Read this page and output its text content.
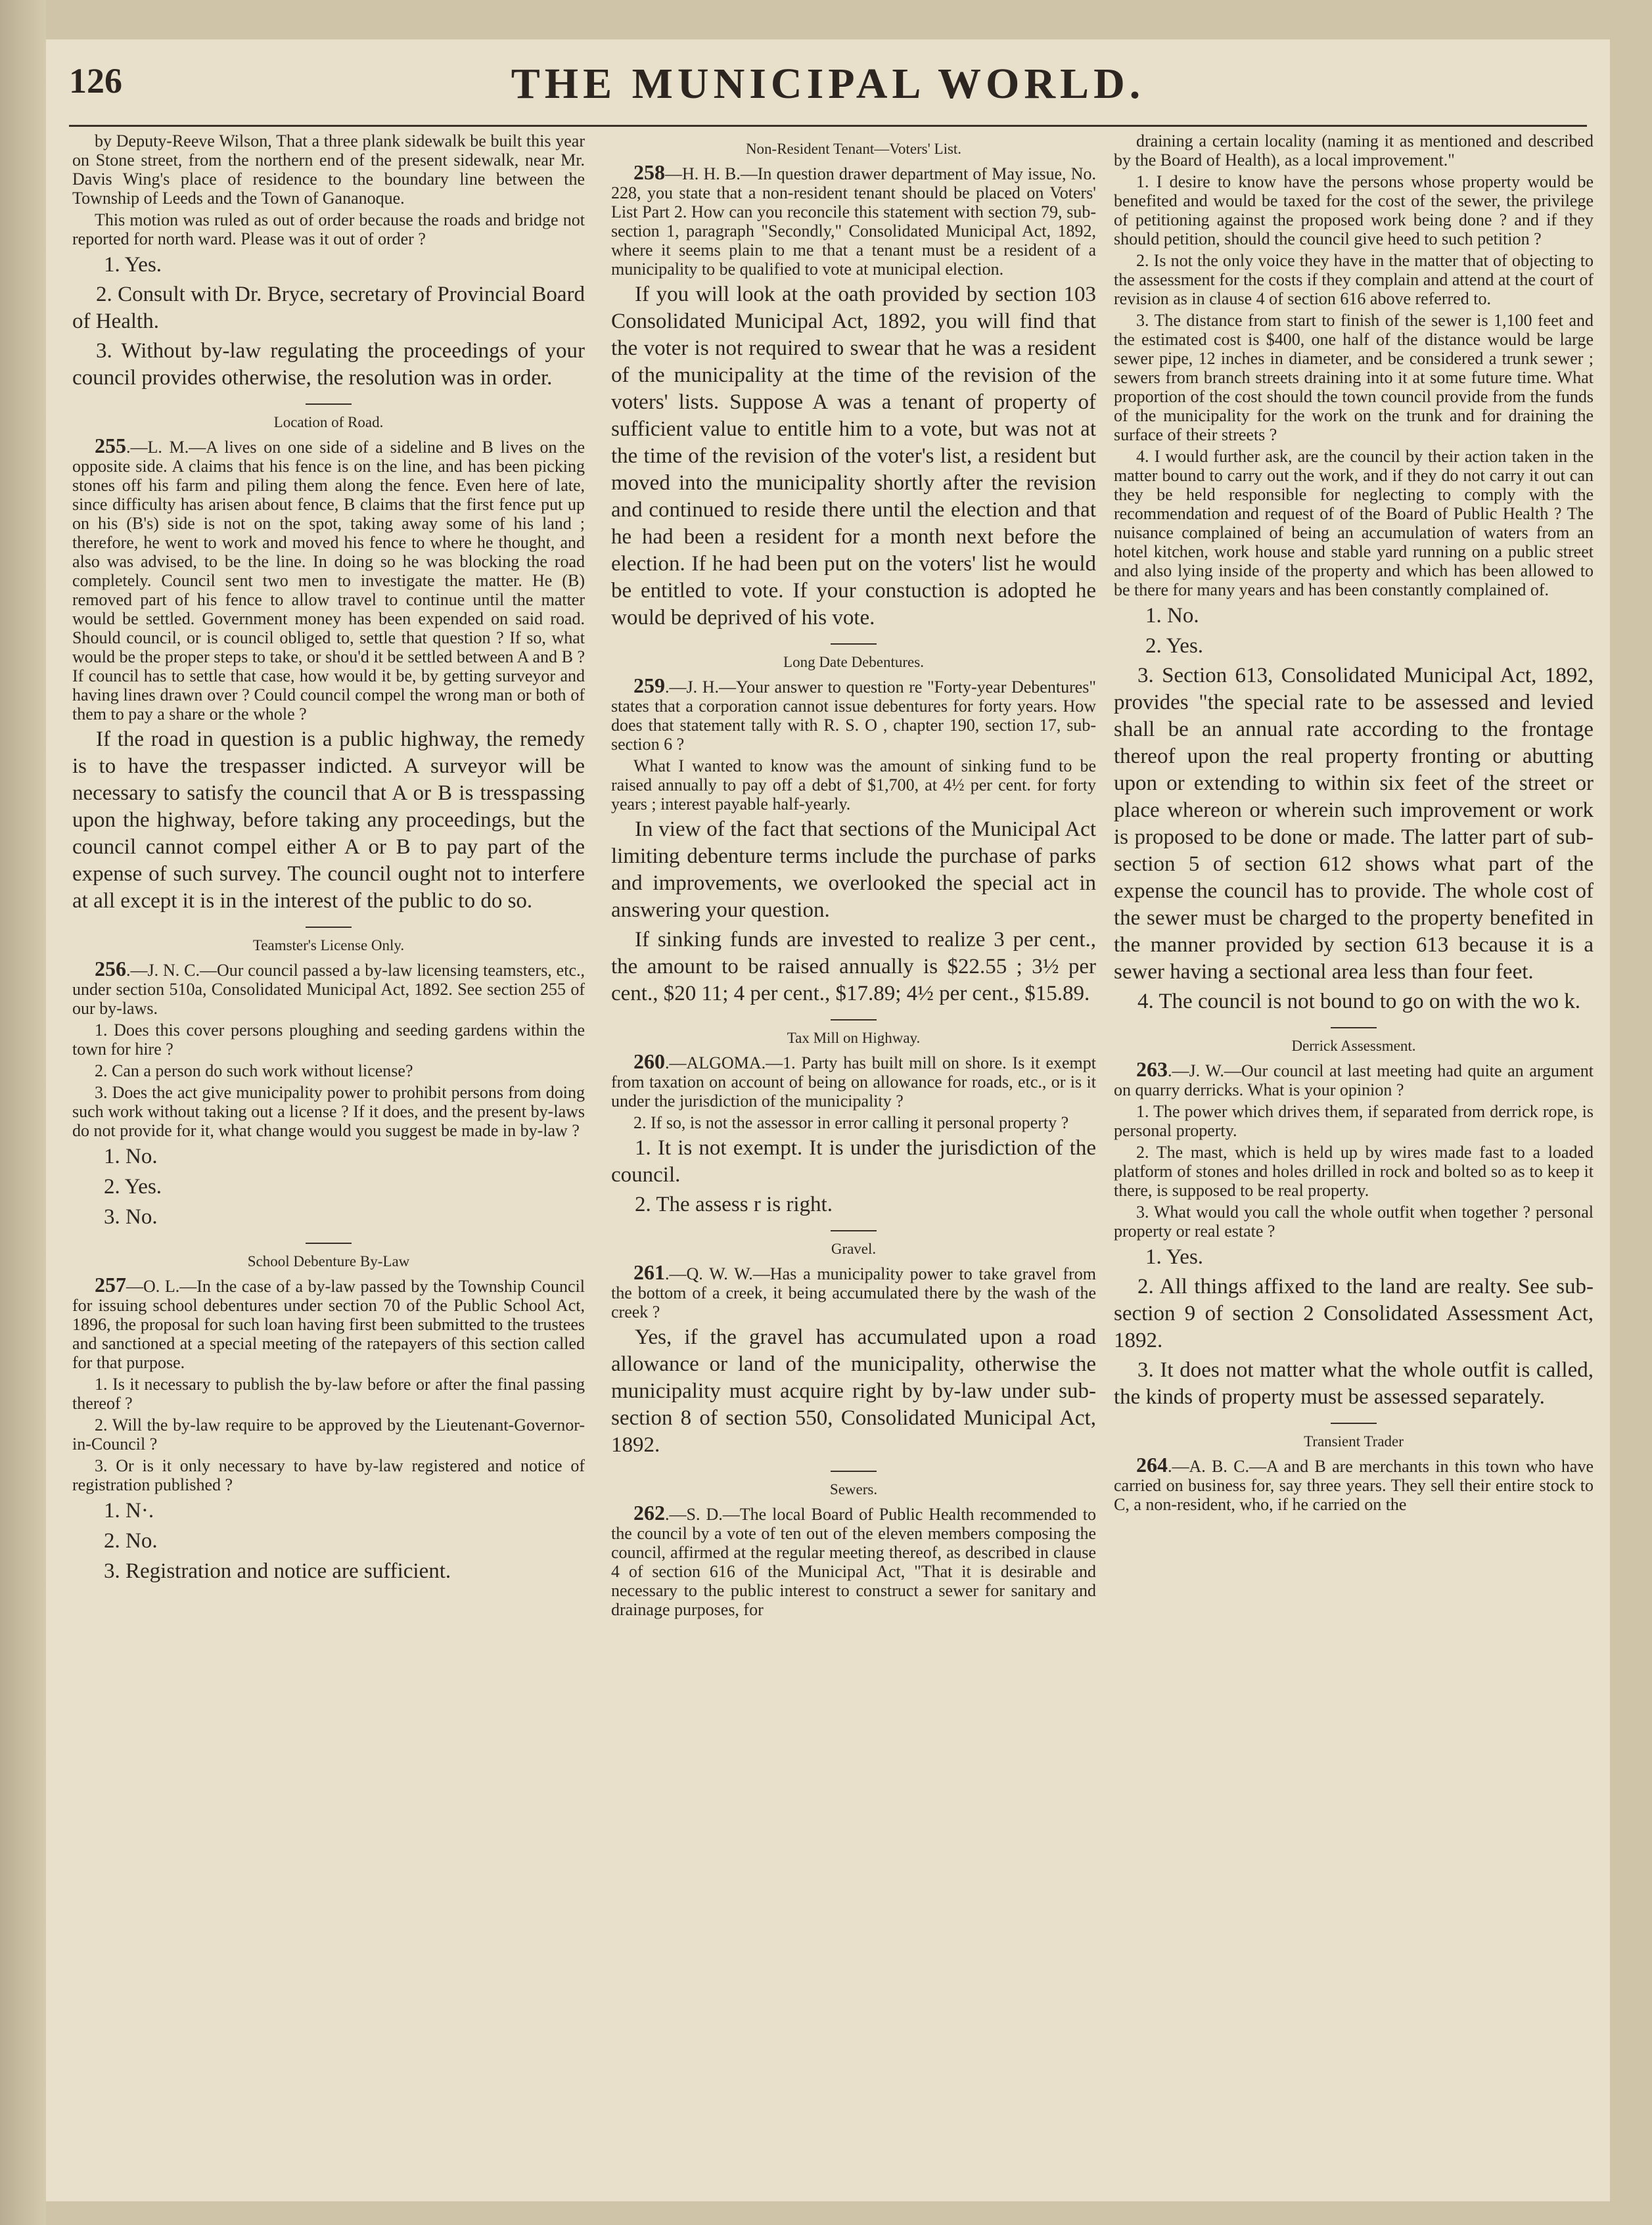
126	THE MUNICIPAL WORLD.

by Deputy-Reeve Wilson, That a three plank sidewalk be built this year on Stone street, from the northern end of the present sidewalk, near Mr. Davis Wing's place of residence to the boundary line between the Township of Leeds and the Town of Gananoque.

This motion was ruled as out of order because the roads and bridge not reported for north ward. Please was it out of order ?

1. Yes.

2. Consult with Dr. Bryce, secretary of Provincial Board of Health.

3. Without by-law regulating the proceedings of your council provides otherwise, the resolution was in order.

Location of Road.

255.—L. M.—A lives on one side of a sideline and B lives on the opposite side. A claims that his fence is on the line, and has been picking stones off his farm and piling them along the fence. Even here of late, since difficulty has arisen about fence, B claims that the first fence put up on his (B's) side is not on the spot, taking away some of his land ; therefore, he went to work and moved his fence to where he thought, and also was advised, to be the line. In doing so he was blocking the road completely. Council sent two men to investigate the matter. He (B) removed part of his fence to allow travel to continue until the matter would be settled. Government money has been expended on said road. Should council, or is council obliged to, settle that question ? If so, what would be the proper steps to take, or shou'd it be settled between A and B ? If council has to settle that case, how would it be, by getting surveyor and having lines drawn over ? Could council compel the wrong man or both of them to pay a share or the whole ?

If the road in question is a public highway, the remedy is to have the trespasser indicted. A surveyor will be necessary to satisfy the council that A or B is tresspassing upon the highway, before taking any proceedings, but the council cannot compel either A or B to pay part of the expense of such survey. The council ought not to interfere at all except it is in the interest of the public to do so.

Teamster's License Only.

256.—J. N. C.—Our council passed a by-law licensing teamsters, etc., under section 510a, Consolidated Municipal Act, 1892. See section 255 of our by-laws.

1. Does this cover persons ploughing and seeding gardens within the town for hire ?

2. Can a person do such work without license?

3. Does the act give municipality power to prohibit persons from doing such work without taking out a license ? If it does, and the present by-laws do not provide for it, what change would you suggest be made in by-law ?

1. No.

2. Yes.

3. No.

School Debenture By-Law

257—O. L.—In the case of a by-law passed by the Township Council for issuing school debentures under section 70 of the Public School Act, 1896, the proposal for such loan having first been submitted to the trustees and sanctioned at a special meeting of the ratepayers of this section called for that purpose.

1. Is it necessary to publish the by-law before or after the final passing thereof ?

2. Will the by-law require to be approved by the Lieutenant-Governor-in-Council ?

3. Or is it only necessary to have by-law registered and notice of registration published ?

1. N·.

2. No.

3. Registration and notice are sufficient.

Non-Resident Tenant—Voters' List.

258—H. H. B.—In question drawer department of May issue, No. 228, you state that a non-resident tenant should be placed on Voters' List Part 2. How can you reconcile this statement with section 79, sub-section 1, paragraph "Secondly," Consolidated Municipal Act, 1892, where it seems plain to me that a tenant must be a resident of a municipality to be qualified to vote at municipal election.

If you will look at the oath provided by section 103 Consolidated Municipal Act, 1892, you will find that the voter is not required to swear that he was a resident of the municipality at the time of the revision of the voters' lists. Suppose A was a tenant of property of sufficient value to entitle him to a vote, but was not at the time of the revision of the voter's list, a resident but moved into the municipality shortly after the revision and continued to reside there until the election and that he had been a resident for a month next before the election. If he had been put on the voters' list he would be entitled to vote. If your constuction is adopted he would be deprived of his vote.

Long Date Debentures.

259.—J. H.—Your answer to question re "Forty-year Debentures" states that a corporation cannot issue debentures for forty years. How does that statement tally with R. S. O , chapter 190, section 17, sub-section 6 ?

What I wanted to know was the amount of sinking fund to be raised annually to pay off a debt of $1,700, at 4½ per cent. for forty years ; interest payable half-yearly.

In view of the fact that sections of the Municipal Act limiting debenture terms include the purchase of parks and improvements, we overlooked the special act in answering your question.

If sinking funds are invested to realize 3 per cent., the amount to be raised annually is $22.55 ; 3½ per cent., $20 11; 4 per cent., $17.89; 4½ per cent., $15.89.

Tax Mill on Highway.

260.—ALGOMA.—1. Party has built mill on shore. Is it exempt from taxation on account of being on allowance for roads, etc., or is it under the jurisdiction of the municipality ?

2. If so, is not the assessor in error calling it personal property ?

1. It is not exempt. It is under the jurisdiction of the council.

2. The assess r is right.

Gravel.

261.—Q. W. W.—Has a municipality power to take gravel from the bottom of a creek, it being accumulated there by the wash of the creek ?

Yes, if the gravel has accumulated upon a road allowance or land of the municipality, otherwise the municipality must acquire right by by-law under sub-section 8 of section 550, Consolidated Municipal Act, 1892.

Sewers.

262.—S. D.—The local Board of Public Health recommended to the council by a vote of ten out of the eleven members composing the council, affirmed at the regular meeting thereof, as described in clause 4 of section 616 of the Municipal Act, "That it is desirable and necessary to the public interest to construct a sewer for sanitary and drainage purposes, for

draining a certain locality (naming it as mentioned and described by the Board of Health), as a local improvement."

1. I desire to know have the persons whose property would be benefited and would be taxed for the cost of the sewer, the privilege of petitioning against the proposed work being done ? and if they should petition, should the council give heed to such petition ?

2. Is not the only voice they have in the matter that of objecting to the assessment for the costs if they complain and attend at the court of revision as in clause 4 of section 616 above referred to.

3. The distance from start to finish of the sewer is 1,100 feet and the estimated cost is $400, one half of the distance would be large sewer pipe, 12 inches in diameter, and be considered a trunk sewer ; sewers from branch streets draining into it at some future time. What proportion of the cost should the town council provide from the funds of the municipality for the work on the trunk and for draining the surface of their streets ?

4. I would further ask, are the council by their action taken in the matter bound to carry out the work, and if they do not carry it out can they be held responsible for neglecting to comply with the recommendation and request of of the Board of Public Health ? The nuisance complained of being an accumulation of waters from an hotel kitchen, work house and stable yard running on a public street and also lying inside of the property and which has been allowed to be there for many years and has been constantly complained of.

1. No.

2. Yes.

3. Section 613, Consolidated Municipal Act, 1892, provides "the special rate to be assessed and levied shall be an annual rate according to the frontage thereof upon the real property fronting or abutting upon or extending to within six feet of the street or place whereon or wherein such improvement or work is proposed to be done or made. The latter part of sub-section 5 of section 612 shows what part of the expense the council has to provide. The whole cost of the sewer must be charged to the property benefited in the manner provided by section 613 because it is a sewer having a sectional area less than four feet.

4. The council is not bound to go on with the wo k.

Derrick Assessment.

263.—J. W.—Our council at last meeting had quite an argument on quarry derricks. What is your opinion ?

1. The power which drives them, if separated from derrick rope, is personal property.

2. The mast, which is held up by wires made fast to a loaded platform of stones and holes drilled in rock and bolted so as to keep it there, is supposed to be real property.

3. What would you call the whole outfit when together ? personal property or real estate ?

1. Yes.

2. All things affixed to the land are realty. See sub-section 9 of section 2 Consolidated Assessment Act, 1892.

3. It does not matter what the whole outfit is called, the kinds of property must be assessed separately.

Transient Trader

264.—A. B. C.—A and B are merchants in this town who have carried on business for, say three years. They sell their entire stock to C, a non-resident, who, if he carried on the
